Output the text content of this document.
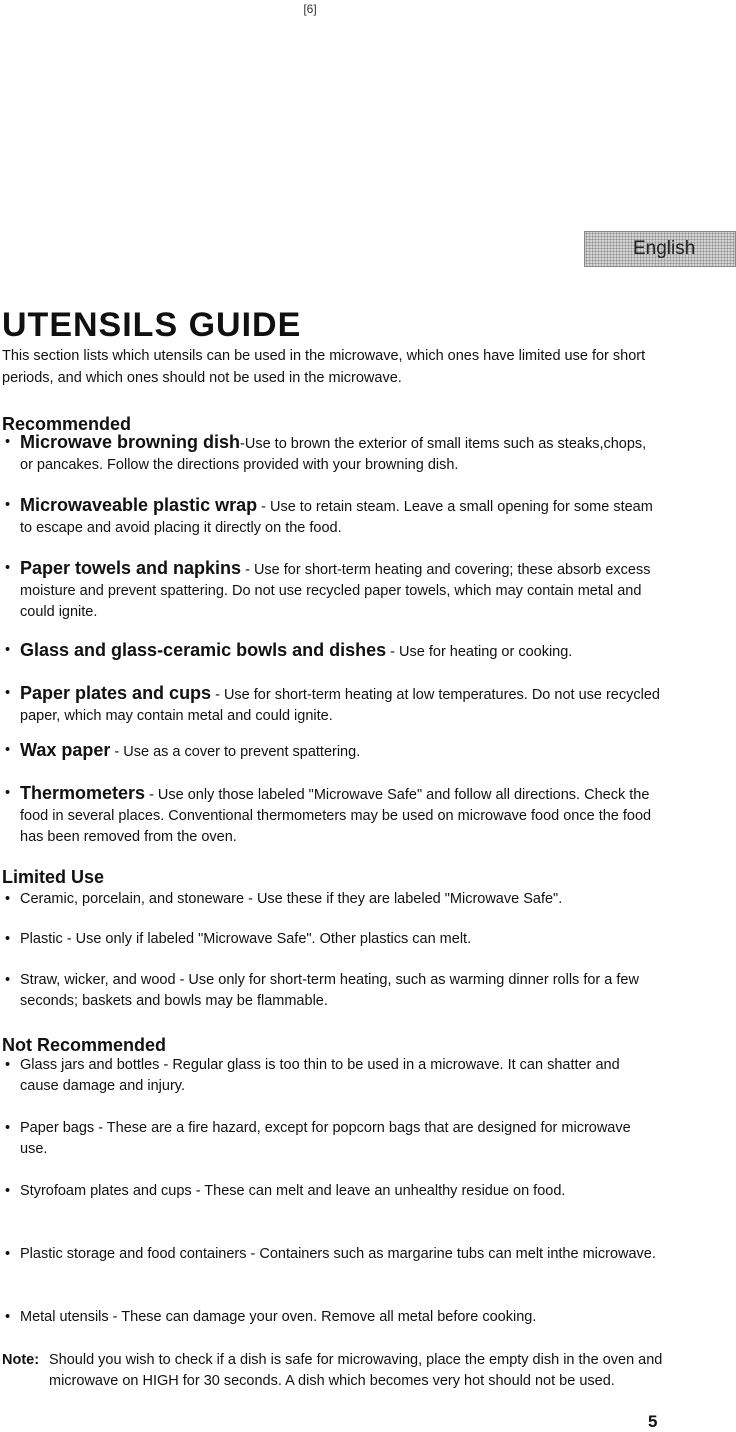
[6]
English
UTENSILS GUIDE

This section lists which utensils can be used in the microwave, which ones have limited use for short periods, and which ones should not be used in the microwave.

Recommended

• Microwave browning dish-Use to brown the exterior of small items such as steaks,chops, or pancakes. Follow the directions provided with your browning dish.

• Microwaveable plastic wrap - Use to retain steam. Leave a small opening for some steam to escape and avoid placing it directly on the food.

• Paper towels and napkins - Use for short-term heating and covering; these absorb excess moisture and prevent spattering. Do not use recycled paper towels, which may contain metal and could ignite.

• Glass and glass-ceramic bowls and dishes - Use for heating or cooking.

• Paper plates and cups - Use for short-term heating at low temperatures. Do not use recycled paper, which may contain metal and could ignite.

• Wax paper - Use as a cover to prevent spattering.

• Thermometers - Use only those labeled "Microwave Safe" and follow all directions. Check the food in several places. Conventional thermometers may be used on microwave food once the food has been removed from the oven.

Limited Use

• Ceramic, porcelain, and stoneware - Use these if they are labeled "Microwave Safe".

• Plastic - Use only if labeled "Microwave Safe". Other plastics can melt.

• Straw, wicker, and wood - Use only for short-term heating, such as warming dinner rolls for a few seconds; baskets and bowls may be flammable.

Not Recommended

• Glass jars and bottles - Regular glass is too thin to be used in a microwave. It can shatter and cause damage and injury.

• Paper bags - These are a fire hazard, except for popcorn bags that are designed for microwave use.

• Styrofoam plates and cups - These can melt and leave an unhealthy residue on food.

• Plastic storage and food containers - Containers such as margarine tubs can melt inthe microwave.

• Metal utensils - These can damage your oven. Remove all metal before cooking.

Note: Should you wish to check if a dish is safe for microwaving, place the empty dish in the oven and microwave on HIGH for 30 seconds. A dish which becomes very hot should not be used.

5
